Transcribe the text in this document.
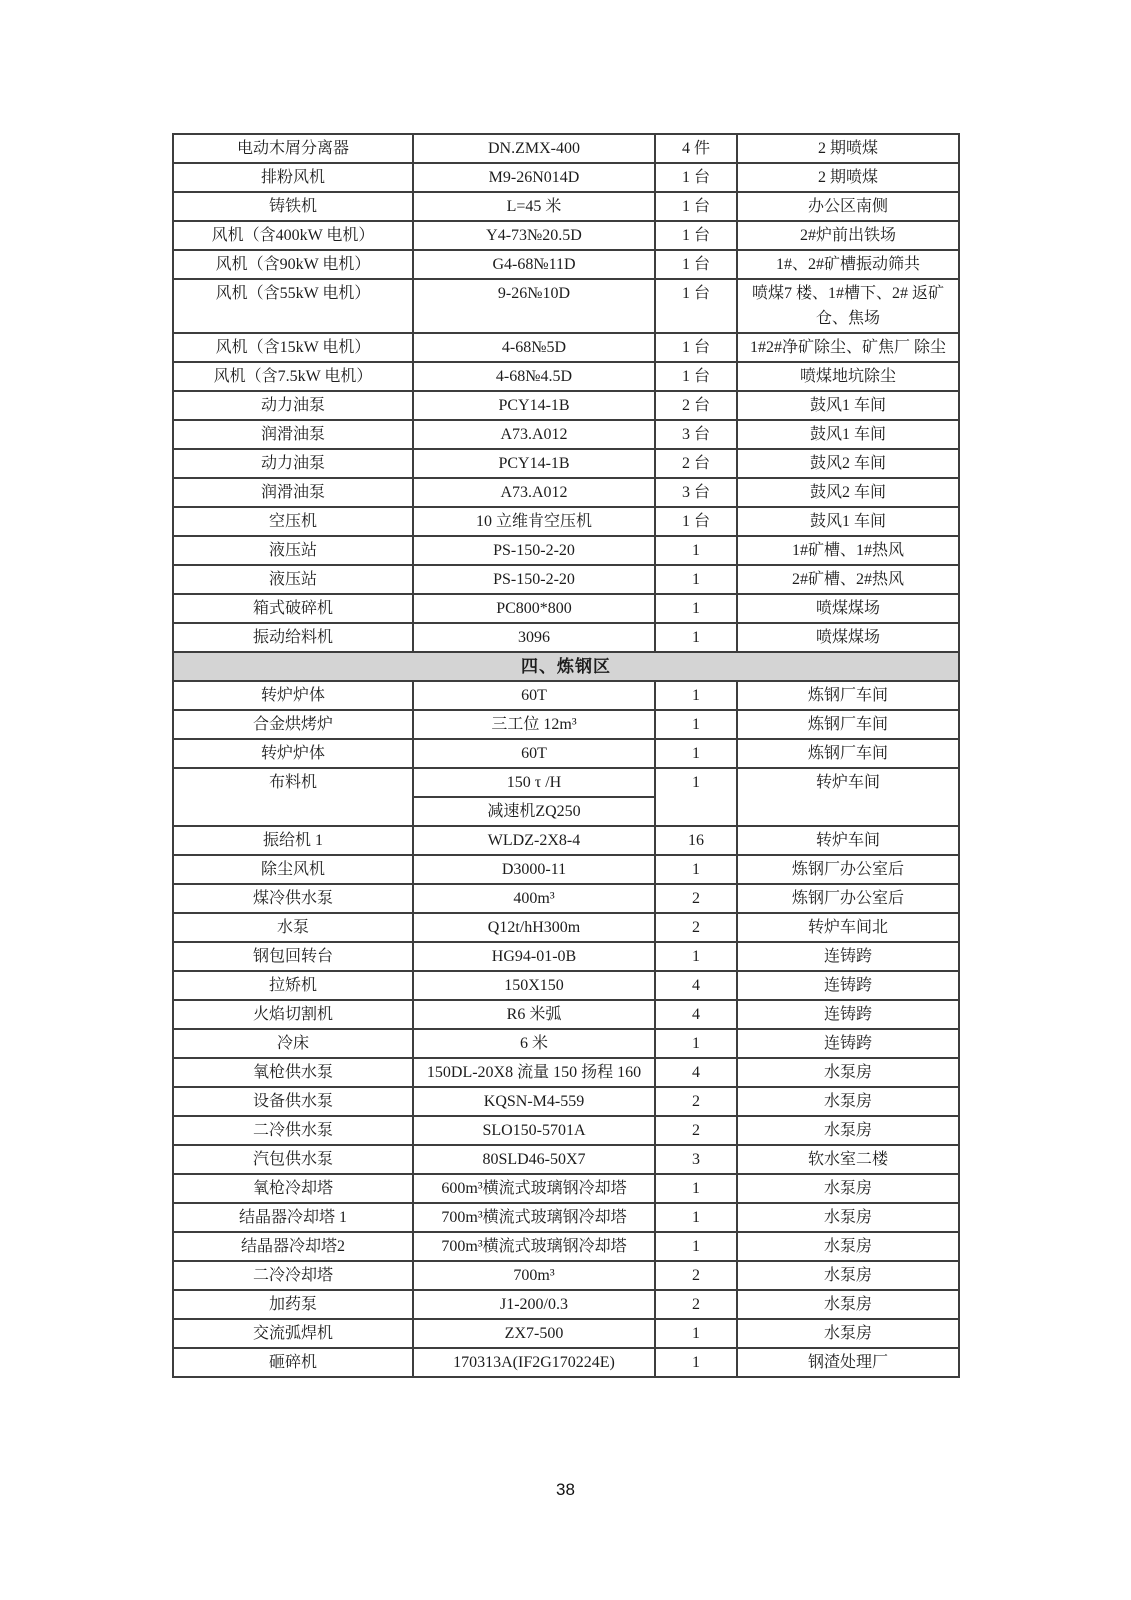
电动木屑分离器	DN.ZMX-400	4 件	2 期喷煤
排粉风机	M9-26N014D	1 台	2 期喷煤
铸铁机	L=45 米	1 台	办公区南侧
风机（含400kW 电机）	Y4-73№20.5D	1 台	2#炉前出铁场
风机（含90kW 电机）	G4-68№11D	1 台	1#、2#矿槽振动筛共
风机（含55kW 电机）	9-26№10D	1 台	喷煤7 楼、1#槽下、2# 返矿仓、焦场
风机（含15kW 电机）	4-68№5D	1 台	1#2#净矿除尘、矿焦厂 除尘
风机（含7.5kW 电机）	4-68№4.5D	1 台	喷煤地坑除尘
动力油泵	PCY14-1B	2 台	鼓风1 车间
润滑油泵	A73.A012	3 台	鼓风1 车间
动力油泵	PCY14-1B	2 台	鼓风2 车间
润滑油泵	A73.A012	3 台	鼓风2 车间
空压机	10 立维肯空压机	1 台	鼓风1 车间
液压站	PS-150-2-20	1	1#矿槽、1#热风
液压站	PS-150-2-20	1	2#矿槽、2#热风
箱式破碎机	PC800*800	1	喷煤煤场
振动给料机	3096	1	喷煤煤场
四、炼钢区			
转炉炉体	60T	1	炼钢厂车间
合金烘烤炉	三工位 12m³	1	炼钢厂车间
转炉炉体	60T	1	炼钢厂车间
布料机	150 τ /H	1	转炉车间
	减速机ZQ250		
振给机 1	WLDZ-2X8-4	16	转炉车间
除尘风机	D3000-11	1	炼钢厂办公室后
煤冷供水泵	400m³	2	炼钢厂办公室后
水泵	Q12t/hH300m	2	转炉车间北
钢包回转台	HG94-01-0B	1	连铸跨
拉矫机	150X150	4	连铸跨
火焰切割机	R6 米弧	4	连铸跨
冷床	6 米	1	连铸跨
氧枪供水泵	150DL-20X8 流量 150 扬程 160	4	水泵房
设备供水泵	KQSN-M4-559	2	水泵房
二冷供水泵	SLO150-5701A	2	水泵房
汽包供水泵	80SLD46-50X7	3	软水室二楼
氧枪冷却塔	600m³横流式玻璃钢冷却塔	1	水泵房
结晶器冷却塔 1	700m³横流式玻璃钢冷却塔	1	水泵房
结晶器冷却塔2	700m³横流式玻璃钢冷却塔	1	水泵房
二冷冷却塔	700m³	2	水泵房
加药泵	J1-200/0.3	2	水泵房
交流弧焊机	ZX7-500	1	水泵房
砸碎机	170313A(IF2G170224E)	1	钢渣处理厂
38
